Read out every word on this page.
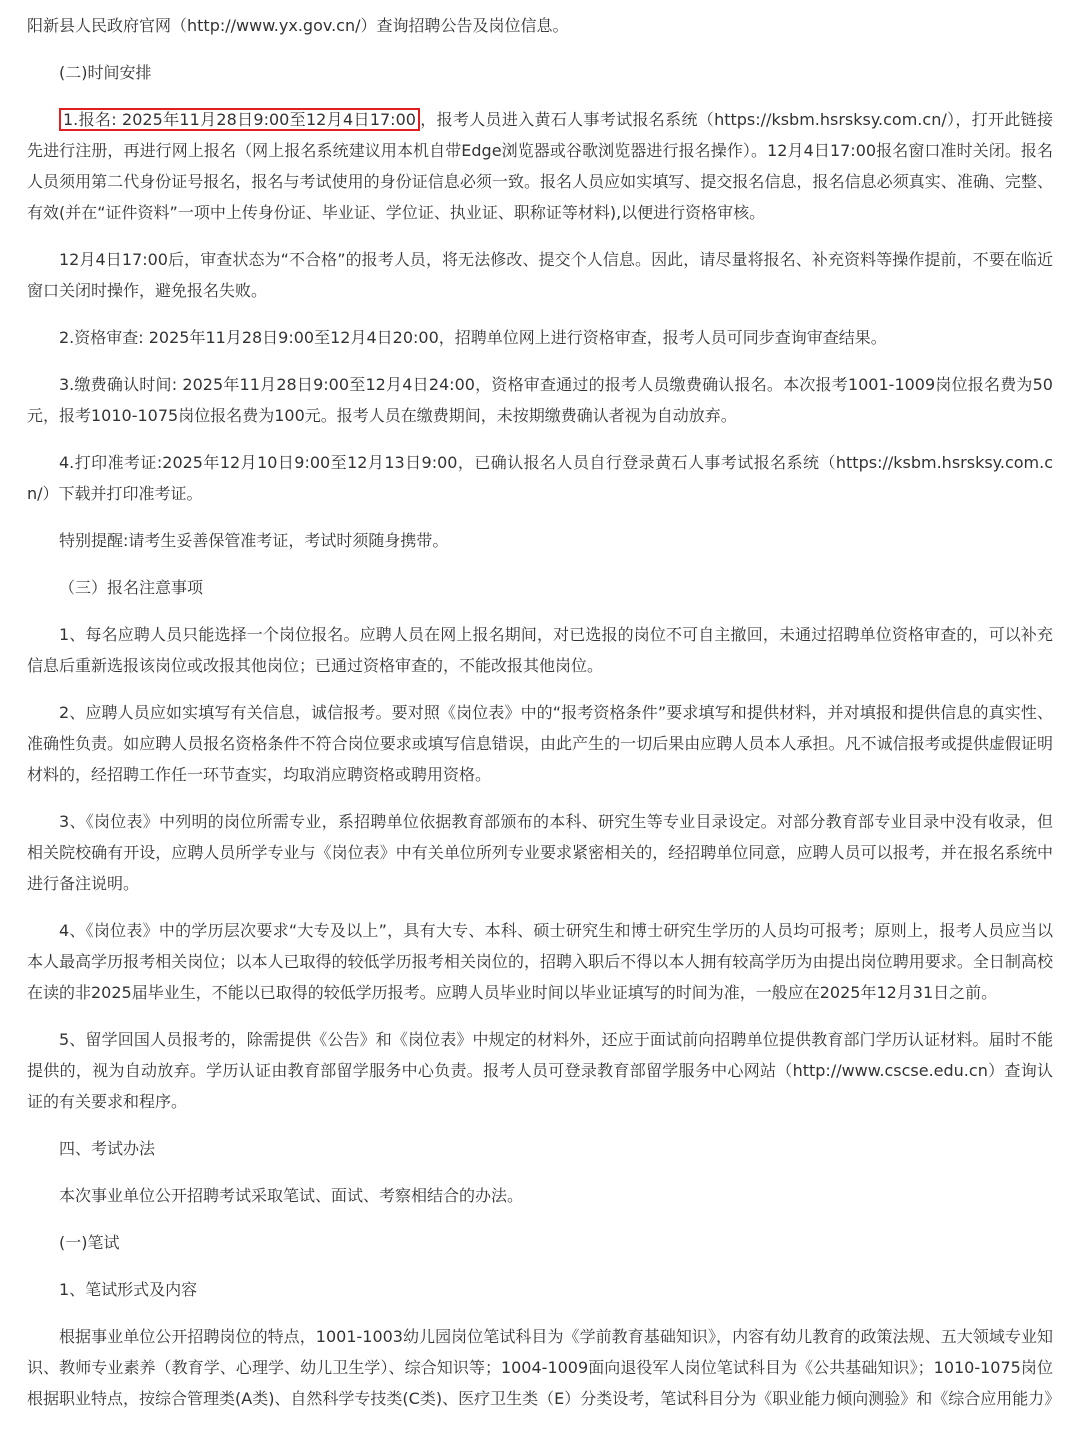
阳新县人民政府官网（http://www.yx.gov.cn/）查询招聘公告及岗位信息。

(二)时间安排

1.报名: 2025年11月28日9:00至12月4日17:00 ，报考人员进入黄石人事考试报名系统（https://ksbm.hsrsksy.com.cn/），打开此链接先进行注册，再进行网上报名（网上报名系统建议用本机自带Edge浏览器或谷歌浏览器进行报名操作）。12月4日17:00报名窗口准时关闭。报名人员须用第二代身份证号报名，报名与考试使用的身份证信息必须一致。报名人员应如实填写、提交报名信息，报名信息必须真实、准确、完整、有效(并在“证件资料”一项中上传身份证、毕业证、学位证、执业证、职称证等材料),以便进行资格审核。

12月4日17:00后，审查状态为“不合格”的报考人员，将无法修改、提交个人信息。因此，请尽量将报名、补充资料等操作提前，不要在临近窗口关闭时操作，避免报名失败。

2.资格审查: 2025年11月28日9:00至12月4日20:00，招聘单位网上进行资格审查，报考人员可同步查询审查结果。

3.缴费确认时间: 2025年11月28日9:00至12月4日24:00，资格审查通过的报考人员缴费确认报名。本次报考1001-1009岗位报名费为50元，报考1010-1075岗位报名费为100元。报考人员在缴费期间，未按期缴费确认者视为自动放弃。

4.打印准考证:2025年12月10日9:00至12月13日9:00，已确认报名人员自行登录黄石人事考试报名系统（https://ksbm.hsrsksy.com.cn/）下载并打印准考证。

特别提醒:请考生妥善保管准考证，考试时须随身携带。

（三）报名注意事项

1、每名应聘人员只能选择一个岗位报名。应聘人员在网上报名期间，对已选报的岗位不可自主撤回，未通过招聘单位资格审查的，可以补充信息后重新选报该岗位或改报其他岗位；已通过资格审查的，不能改报其他岗位。

2、应聘人员应如实填写有关信息，诚信报考。要对照《岗位表》中的“报考资格条件”要求填写和提供材料，并对填报和提供信息的真实性、准确性负责。如应聘人员报名资格条件不符合岗位要求或填写信息错误，由此产生的一切后果由应聘人员本人承担。凡不诚信报考或提供虚假证明材料的，经招聘工作任一环节查实，均取消应聘资格或聘用资格。

3、《岗位表》中列明的岗位所需专业，系招聘单位依据教育部颁布的本科、研究生等专业目录设定。对部分教育部专业目录中没有收录，但相关院校确有开设，应聘人员所学专业与《岗位表》中有关单位所列专业要求紧密相关的，经招聘单位同意，应聘人员可以报考，并在报名系统中进行备注说明。

4、《岗位表》中的学历层次要求“大专及以上”，具有大专、本科、硕士研究生和博士研究生学历的人员均可报考；原则上，报考人员应当以本人最高学历报考相关岗位；以本人已取得的较低学历报考相关岗位的，招聘入职后不得以本人拥有较高学历为由提出岗位聘用要求。全日制高校在读的非2025届毕业生，不能以已取得的较低学历报考。应聘人员毕业时间以毕业证填写的时间为准，一般应在2025年12月31日之前。

5、留学回国人员报考的，除需提供《公告》和《岗位表》中规定的材料外，还应于面试前向招聘单位提供教育部门学历认证材料。届时不能提供的，视为自动放弃。学历认证由教育部留学服务中心负责。报考人员可登录教育部留学服务中心网站（http://www.cscse.edu.cn）查询认证的有关要求和程序。

四、考试办法

本次事业单位公开招聘考试采取笔试、面试、考察相结合的办法。

(一)笔试

1、笔试形式及内容

根据事业单位公开招聘岗位的特点，1001-1003幼儿园岗位笔试科目为《学前教育基础知识》，内容有幼儿教育的政策法规、五大领域专业知识、教师专业素养（教育学、心理学、幼儿卫生学）、综合知识等；1004-1009面向退役军人岗位笔试科目为《公共基础知识》；1010-1075岗位根据职业特点，按综合管理类(A类)、自然科学专技类(C类)、医疗卫生类（E）分类设考，笔试科目分为《职业能力倾向测验》和《综合应用能力》
